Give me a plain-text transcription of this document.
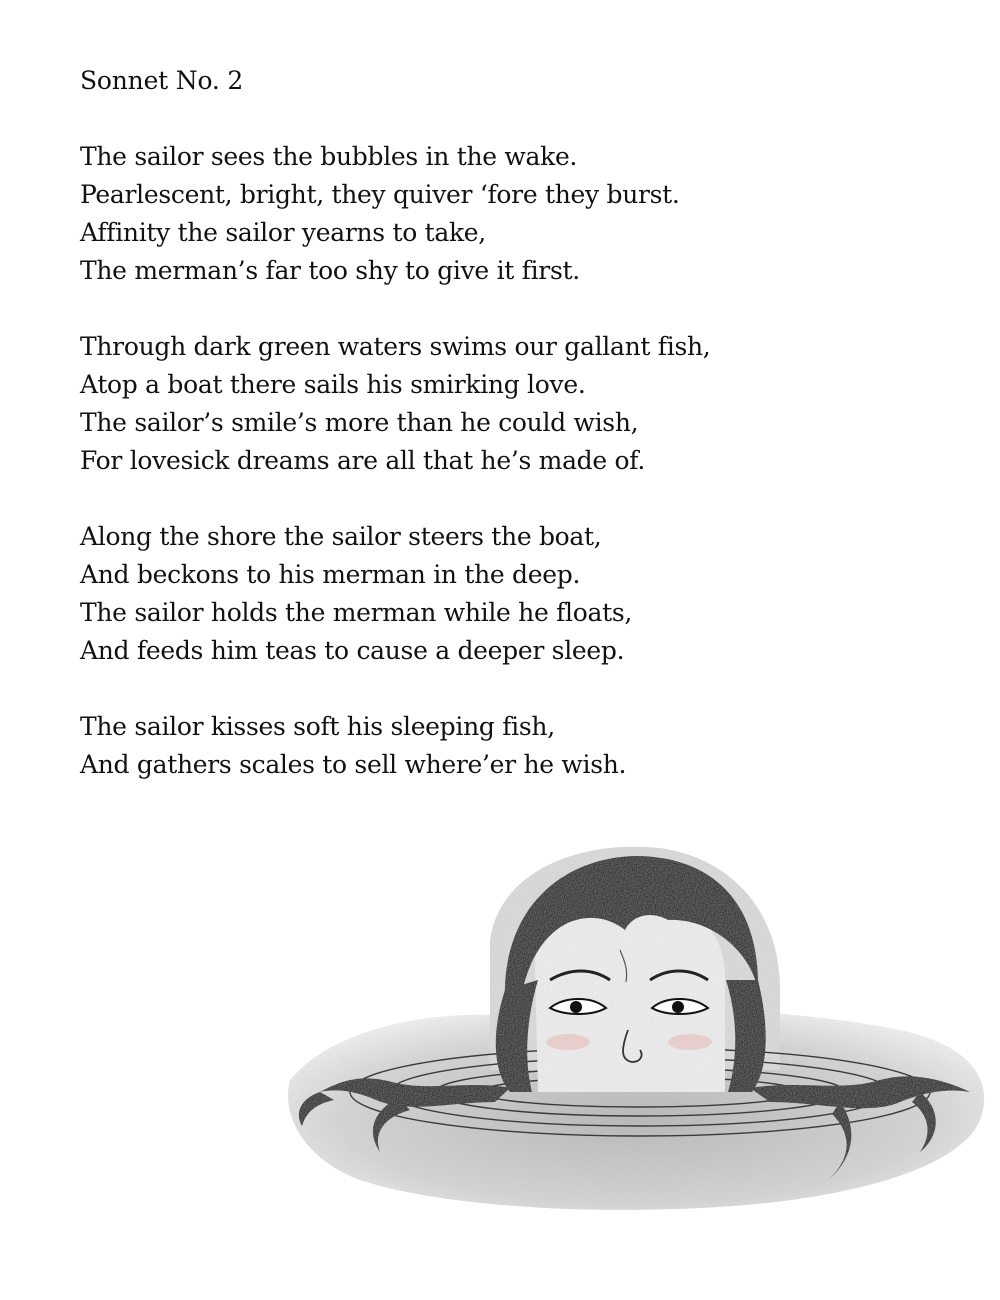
Sonnet No. 2
The sailor sees the bubbles in the wake.
Pearlescent, bright, they quiver ‘fore they burst.
Affinity the sailor yearns to take,
The merman’s far too shy to give it first.
Through dark green waters swims our gallant fish,
Atop a boat there sails his smirking love.
The sailor’s smile’s more than he could wish,
For lovesick dreams are all that he’s made of.
Along the shore the sailor steers the boat,
And beckons to his merman in the deep.
The sailor holds the merman while he floats,
And feeds him teas to cause a deeper sleep.
The sailor kisses soft his sleeping fish,
And gathers scales to sell where’er he wish.
